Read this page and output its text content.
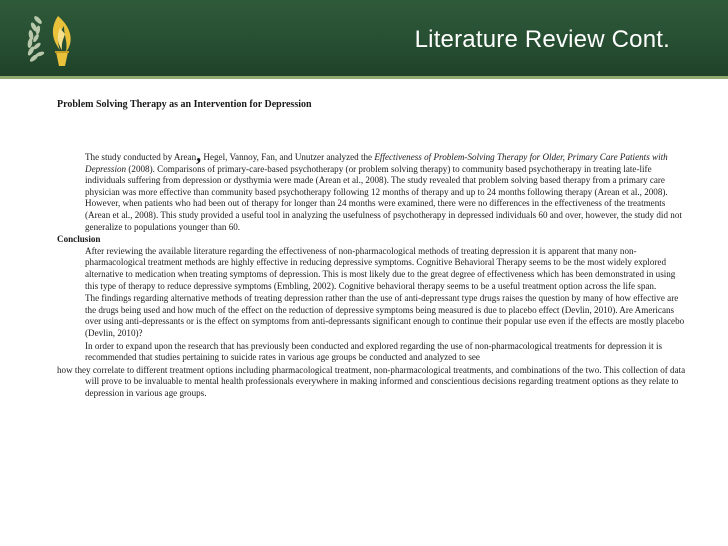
Literature Review Cont.
Problem Solving Therapy as an Intervention for Depression

The study conducted by Arean, Hegel, Vannoy, Fan, and Unutzer analyzed the Effectiveness of Problem-Solving Therapy for Older, Primary Care Patients with Depression (2008). Comparisons of primary-care-based psychotherapy (or problem solving therapy) to community based psychotherapy in treating late-life individuals suffering from depression or dysthymia were made (Arean et al., 2008). The study revealed that problem solving based therapy from a primary care physician was more effective than community based psychotherapy following 12 months of therapy and up to 24 months following therapy (Arean et al., 2008). However, when patients who had been out of therapy for longer than 24 months were examined, there were no differences in the effectiveness of the treatments (Arean et al., 2008). This study provided a useful tool in analyzing the usefulness of psychotherapy in depressed individuals 60 and over, however, the study did not generalize to populations younger than 60.

Conclusion

After reviewing the available literature regarding the effectiveness of non-pharmacological methods of treating depression it is apparent that many non-pharmacological treatment methods are highly effective in reducing depressive symptoms. Cognitive Behavioral Therapy seems to be the most widely explored alternative to medication when treating symptoms of depression. This is most likely due to the great degree of effectiveness which has been demonstrated in using this type of therapy to reduce depressive symptoms (Embling, 2002). Cognitive behavioral therapy seems to be a useful treatment option across the life span.

The findings regarding alternative methods of treating depression rather than the use of anti-depressant type drugs raises the question by many of how effective are the drugs being used and how much of the effect on the reduction of depressive symptoms being measured is due to placebo effect (Devlin, 2010). Are Americans over using anti-depressants or is the effect on symptoms from anti-depressants significant enough to continue their popular use even if the effects are mostly placebo (Devlin, 2010)?

In order to expand upon the research that has previously been conducted and explored regarding the use of non-pharmacological treatments for depression it is recommended that studies pertaining to suicide rates in various age groups be conducted and analyzed to see

how they correlate to different treatment options including pharmacological treatment, non-pharmacological treatments, and combinations of the two. This collection of data will prove to be invaluable to mental health professionals everywhere in making informed and conscientious decisions regarding treatment options as they relate to depression in various age groups.
